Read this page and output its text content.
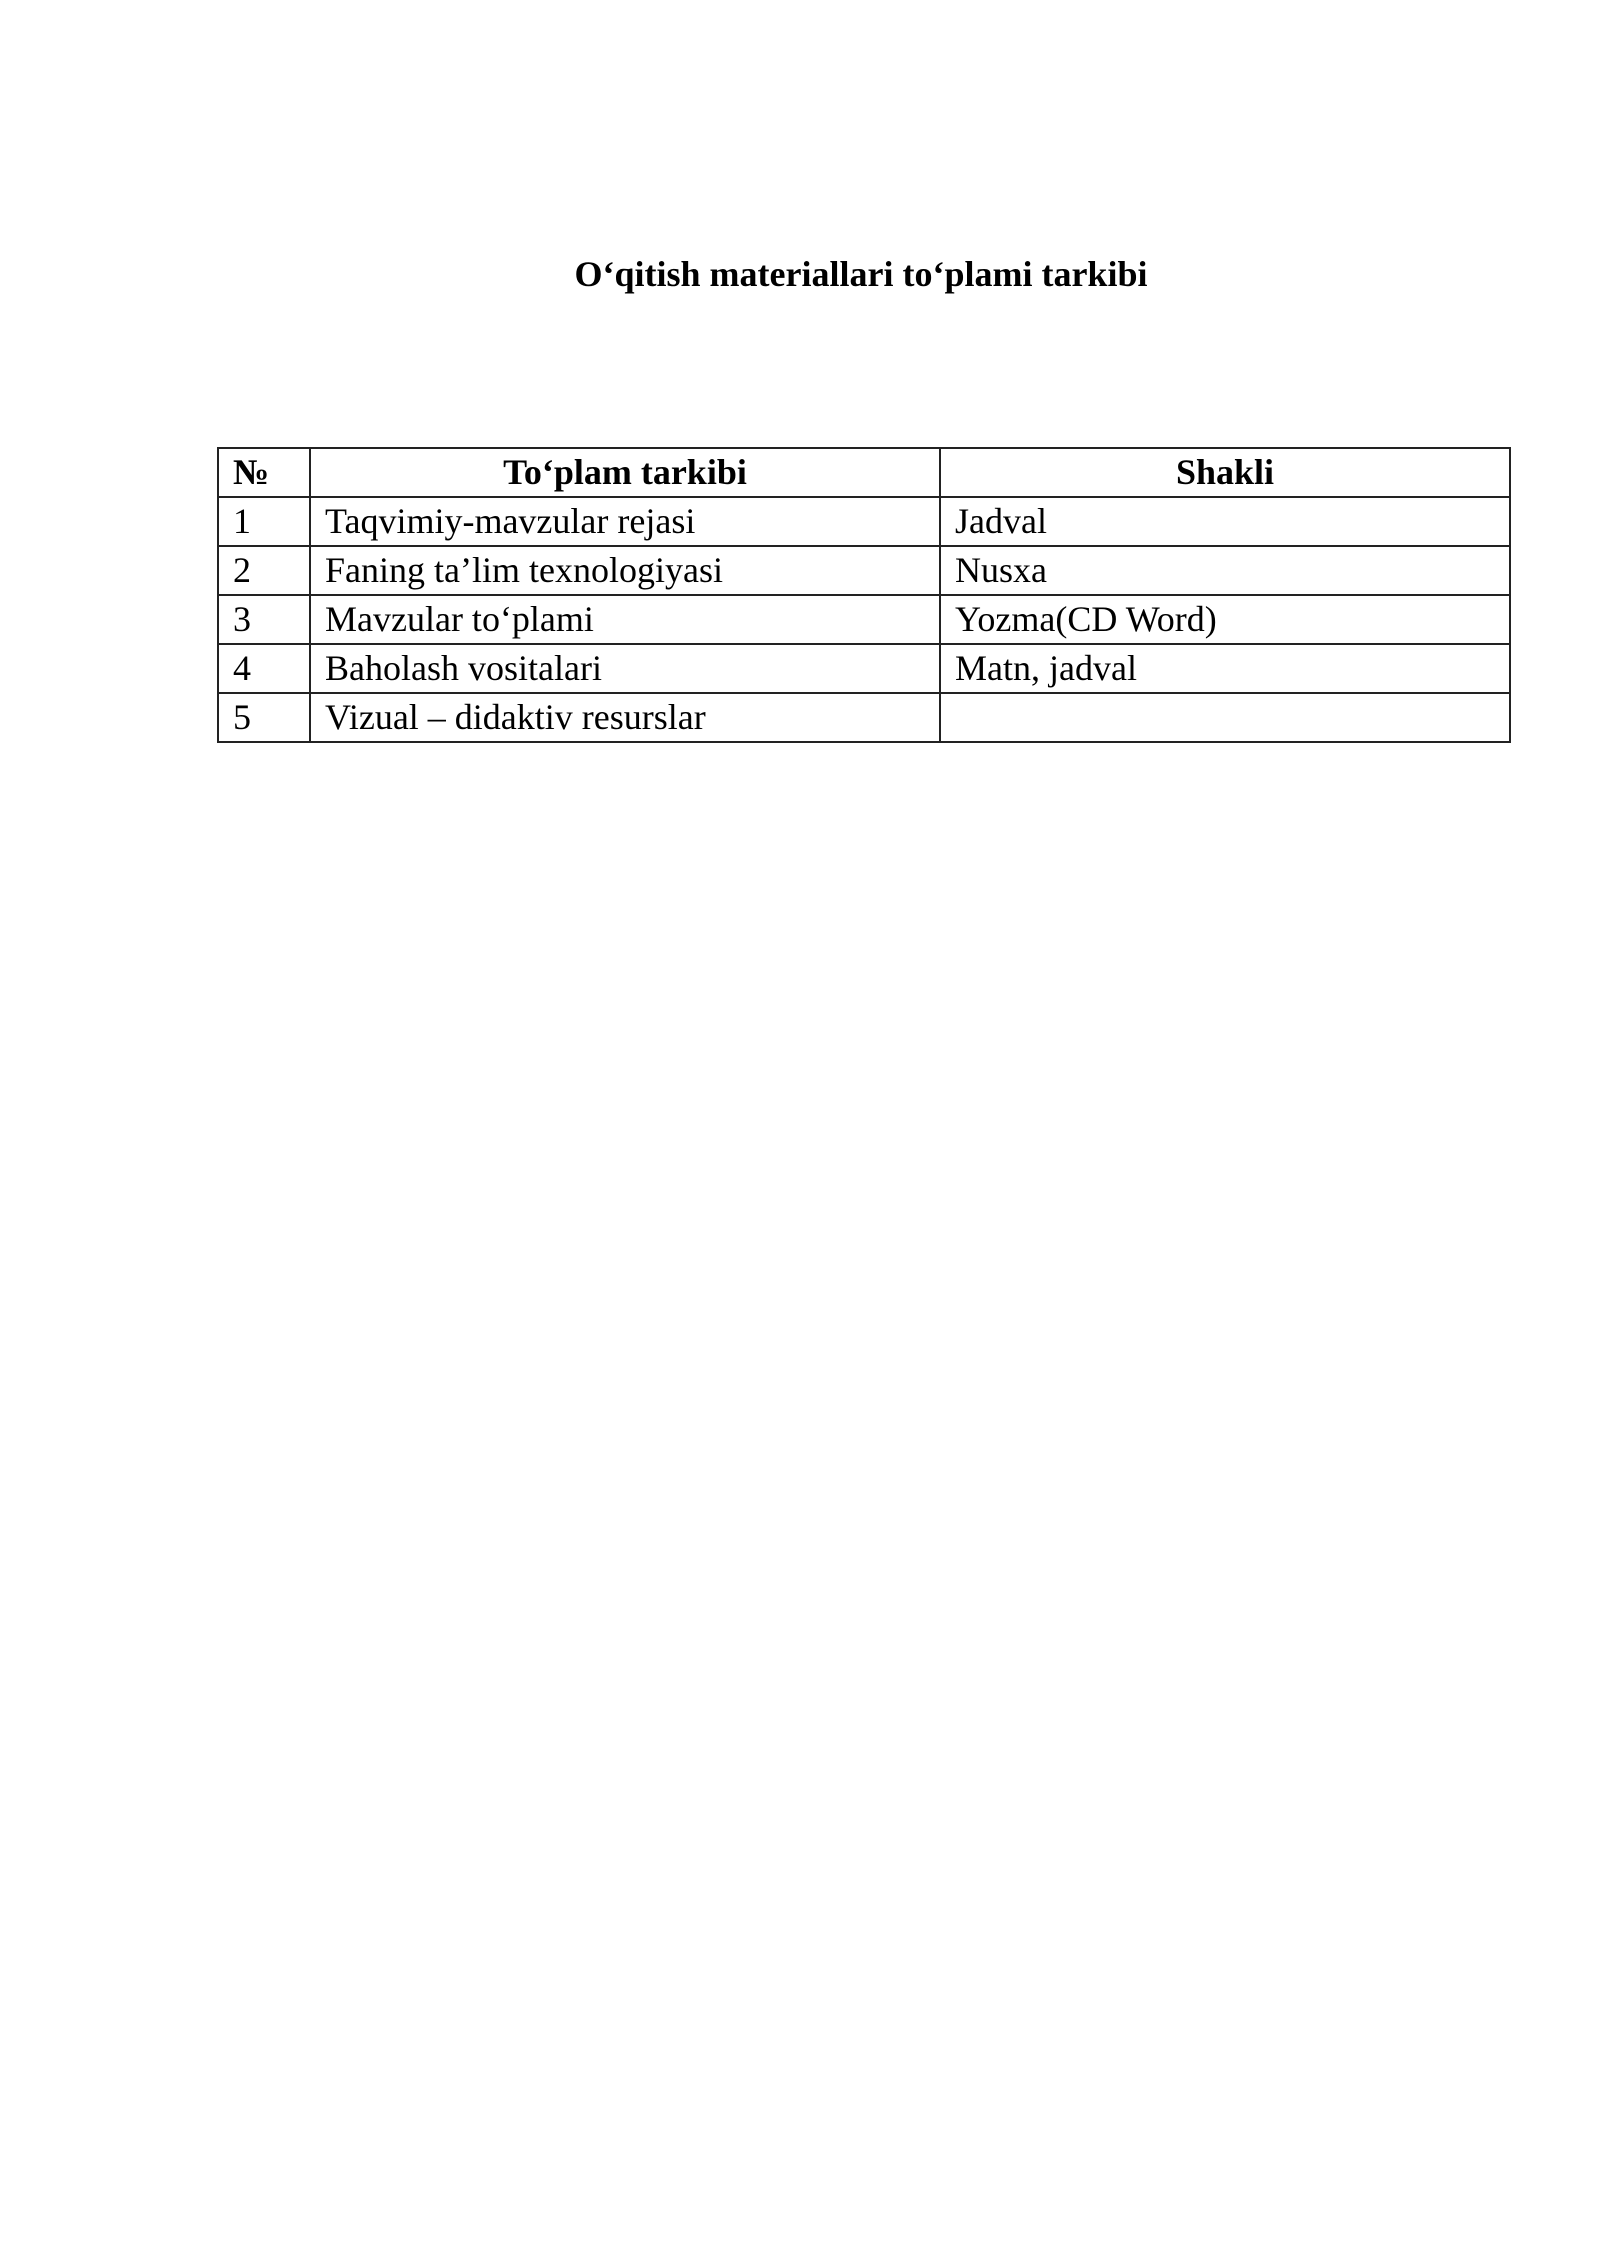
O‘qitish materiallari to‘plami tarkibi
№	To‘plam tarkibi	Shakli
1	Taqvimiy-mavzular rejasi	Jadval
2	Faning ta’lim texnologiyasi	Nusxa
3	Mavzular to‘plami	Yozma(CD Word)
4	Baholash vositalari	Matn, jadval
5	Vizual – didaktiv resurslar	
